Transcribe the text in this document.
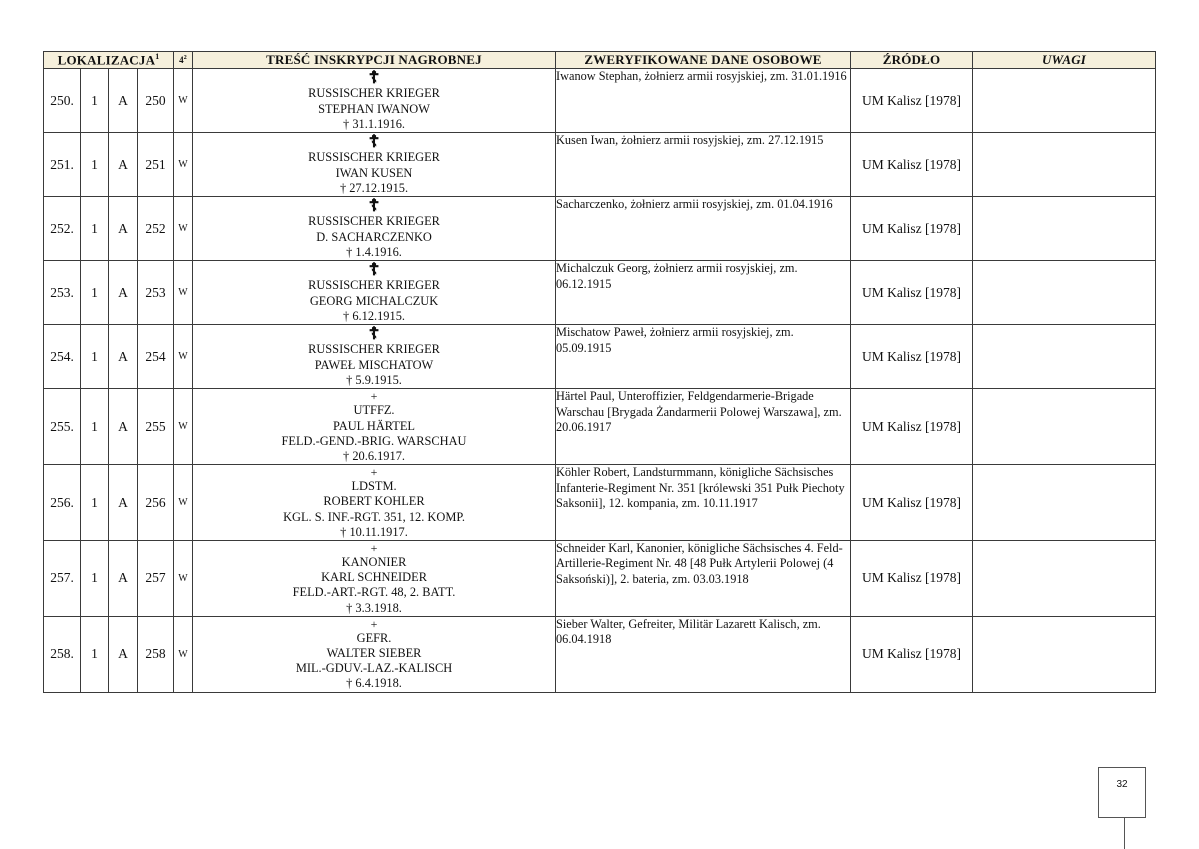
LOKALIZACJA$^1$				$4^2$	TREŚĆ INSKRYPCJI NAGROBNEJ	ZWERYFIKOWANE DANE OSOBOWE	ŹRÓDŁO	UWAGI
250.	1	A	250	W	☦
RUSSISCHER KRIEGER
STEPHAN IWANOW
† 31.1.1916.	Iwanow Stephan, żołnierz armii rosyjskiej, zm. 31.01.1916	UM Kalisz [1978]	
251.	1	A	251	W	☦
RUSSISCHER KRIEGER
IWAN KUSEN
† 27.12.1915.	Kusen Iwan, żołnierz armii rosyjskiej, zm. 27.12.1915	UM Kalisz [1978]	
252.	1	A	252	W	☦
RUSSISCHER KRIEGER
D. SACHARCZENKO
† 1.4.1916.	Sacharczenko, żołnierz armii rosyjskiej, zm. 01.04.1916	UM Kalisz [1978]	
253.	1	A	253	W	☦
RUSSISCHER KRIEGER
GEORG MICHALCZUK
† 6.12.1915.	Michalczuk Georg, żołnierz armii rosyjskiej, zm. 06.12.1915	UM Kalisz [1978]	
254.	1	A	254	W	☦
RUSSISCHER KRIEGER
PAWEŁ MISCHATOW
† 5.9.1915.	Mischatow Paweł, żołnierz armii rosyjskiej, zm. 05.09.1915	UM Kalisz [1978]	
255.	1	A	255	W	+
UTFFZ.
PAUL HÄRTEL
FELD.-GEND.-BRIG. WARSCHAU
† 20.6.1917.	Härtel Paul, Unteroffizier, Feldgendarmerie-Brigade Warschau [Brygada Żandarmerii Polowej Warszawa], zm. 20.06.1917	UM Kalisz [1978]	
256.	1	A	256	W	+
LDSTM.
ROBERT KOHLER
KGL. S. INF.-RGT. 351, 12. KOMP.
† 10.11.1917.	Köhler Robert, Landsturmmann, königliche Sächsisches Infanterie-Regiment Nr. 351 [królewski 351 Pułk Piechoty Saksonii], 12. kompania, zm. 10.11.1917	UM Kalisz [1978]	
257.	1	A	257	W	+
KANONIER
KARL SCHNEIDER
FELD.-ART.-RGT. 48, 2. BATT.
† 3.3.1918.	Schneider Karl, Kanonier, königliche Sächsisches 4. Feld-Artillerie-Regiment Nr. 48 [48 Pułk Artylerii Polowej (4 Saksoński)], 2. bateria, zm. 03.03.1918	UM Kalisz [1978]	
258.	1	A	258	W	+
GEFR.
WALTER SIEBER
MIL.-GDUV.-LAZ.-KALISCH
† 6.4.1918.	Sieber Walter, Gefreiter, Militär Lazarett Kalisch, zm. 06.04.1918	UM Kalisz [1978]	
32
